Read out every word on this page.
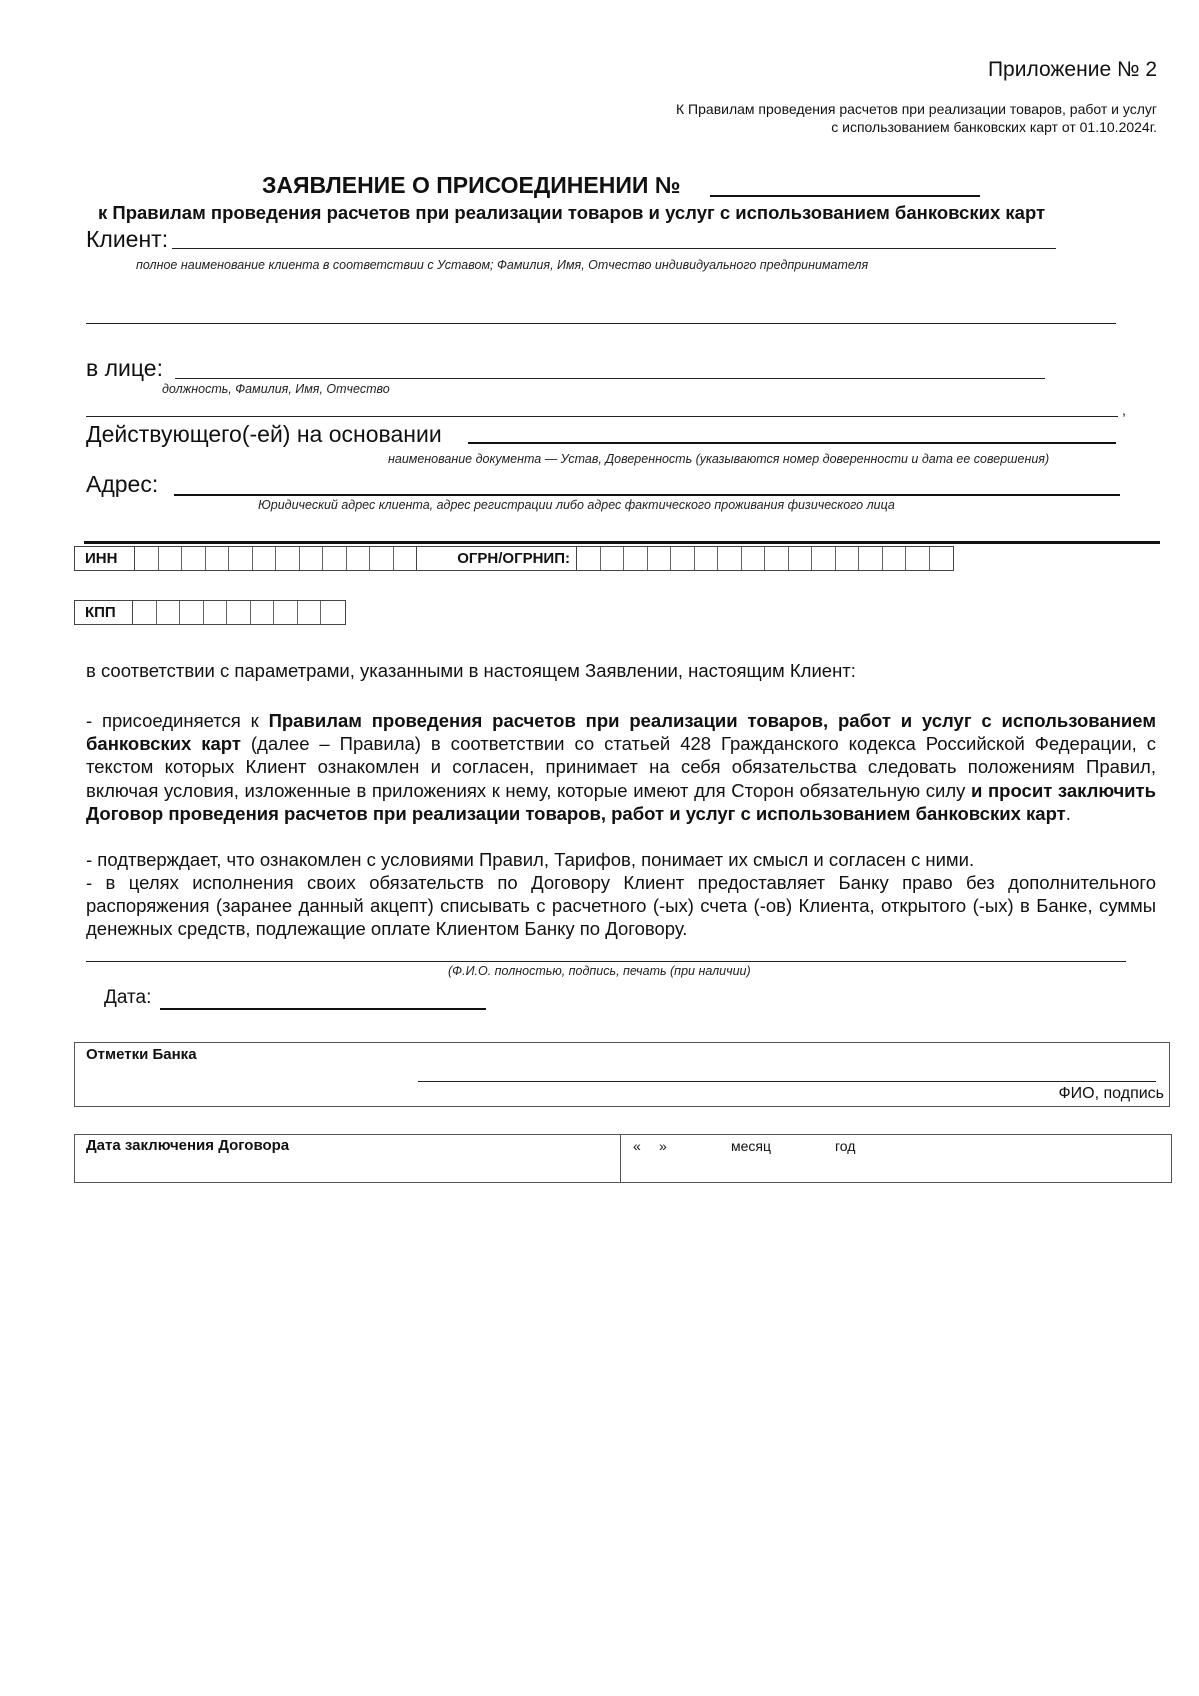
Приложение № 2
К Правилам проведения расчетов при реализации товаров, работ и услуг
с использованием банковских карт от 01.10.2024г.
ЗАЯВЛЕНИЕ О ПРИСОЕДИНЕНИИ №
к Правилам проведения расчетов при реализации товаров и услуг с использованием банковских карт
Клиент:
полное наименование клиента в соответствии с Уставом; Фамилия, Имя, Отчество индивидуального предпринимателя
в лице:
должность, Фамилия, Имя, Отчество
,
Действующего(-ей) на основании
наименование документа — Устав, Доверенность (указываются номер доверенности и дата ее совершения)
Адрес:
Юридический адрес клиента, адрес регистрации либо адрес фактического проживания физического лица
ИНН	ОГРН/ОГРНИП:
КПП
в соответствии с параметрами, указанными в настоящем Заявлении, настоящим Клиент:
- присоединяется к Правилам проведения расчетов при реализации товаров, работ и услуг с использованием банковских карт (далее – Правила) в соответствии со статьей 428 Гражданского кодекса Российской Федерации, с текстом которых Клиент ознакомлен и согласен, принимает на себя обязательства следовать положениям Правил, включая условия, изложенные в приложениях к нему, которые имеют для Сторон обязательную силу и просит заключить Договор проведения расчетов при реализации товаров, работ и услуг с использованием банковских карт.
- подтверждает, что ознакомлен с условиями Правил, Тарифов, понимает их смысл и согласен с ними.
- в целях исполнения своих обязательств по Договору Клиент предоставляет Банку право без дополнительного распоряжения (заранее данный акцепт) списывать с расчетного (-ых) счета (-ов) Клиента, открытого (-ых) в Банке, суммы денежных средств, подлежащие оплате Клиентом Банку по Договору.
(Ф.И.О. полностью, подпись, печать (при наличии)
Дата:
Отметки Банка
ФИО, подпись
Дата заключения Договора	« »	месяц	год
